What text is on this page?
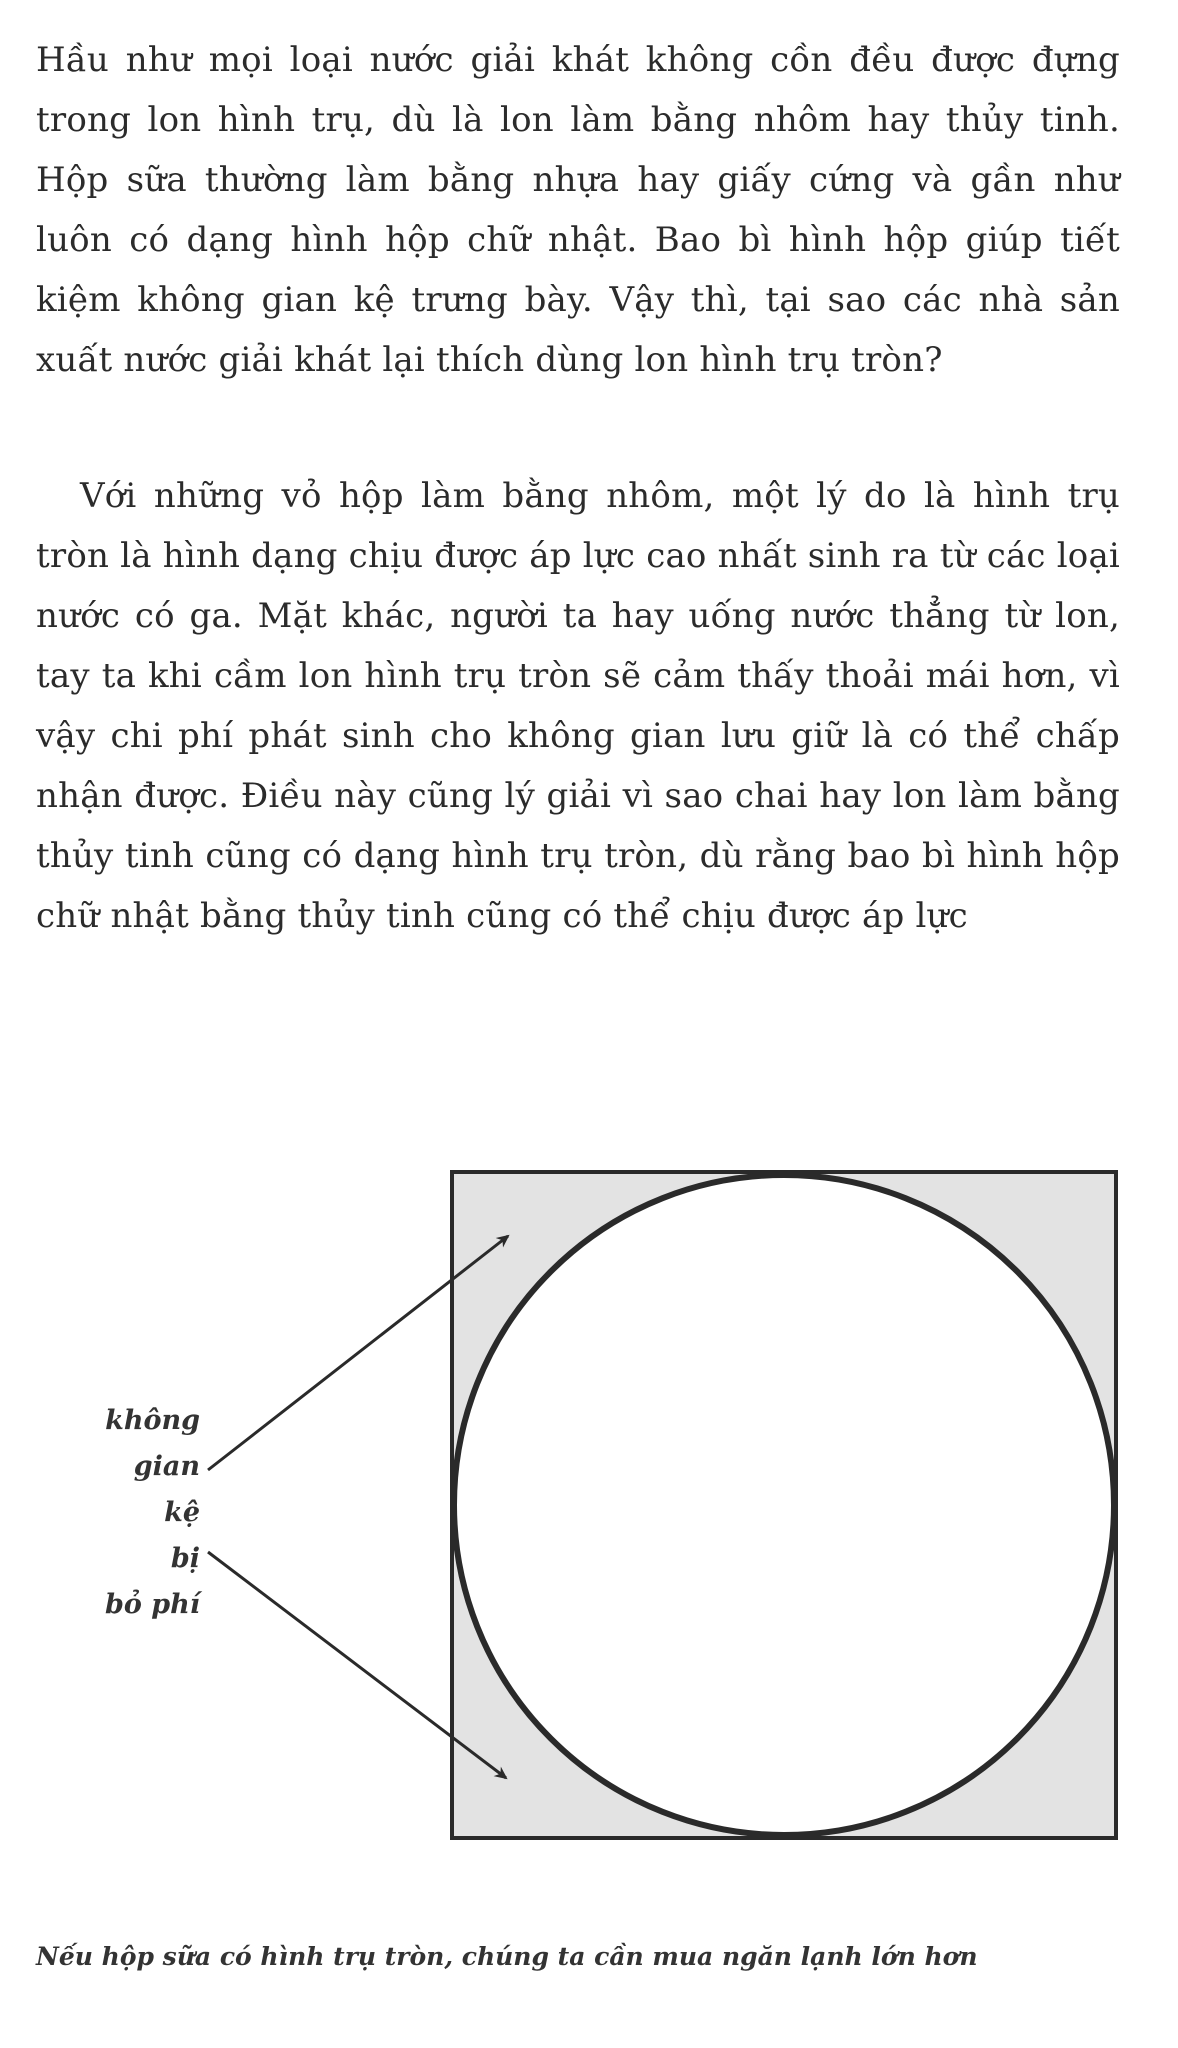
Hầu như mọi loại nước giải khát không cồn đều được đựng trong lon hình trụ, dù là lon làm bằng nhôm hay thủy tinh. Hộp sữa thường làm bằng nhựa hay giấy cứng và gần như luôn có dạng hình hộp chữ nhật. Bao bì hình hộp giúp tiết kiệm không gian kệ trưng bày. Vậy thì, tại sao các nhà sản xuất nước giải khát lại thích dùng lon hình trụ tròn?

Với những vỏ hộp làm bằng nhôm, một lý do là hình trụ tròn là hình dạng chịu được áp lực cao nhất sinh ra từ các loại nước có ga. Mặt khác, người ta hay uống nước thẳng từ lon, tay ta khi cầm lon hình trụ tròn sẽ cảm thấy thoải mái hơn, vì vậy chi phí phát sinh cho không gian lưu giữ là có thể chấp nhận được. Điều này cũng lý giải vì sao chai hay lon làm bằng thủy tinh cũng có dạng hình trụ tròn, dù rằng bao bì hình hộp chữ nhật bằng thủy tinh cũng có thể chịu được áp lực

không
gian
kệ
bị
bỏ phí

Nếu hộp sữa có hình trụ tròn, chúng ta cần mua ngăn lạnh lớn hơn
